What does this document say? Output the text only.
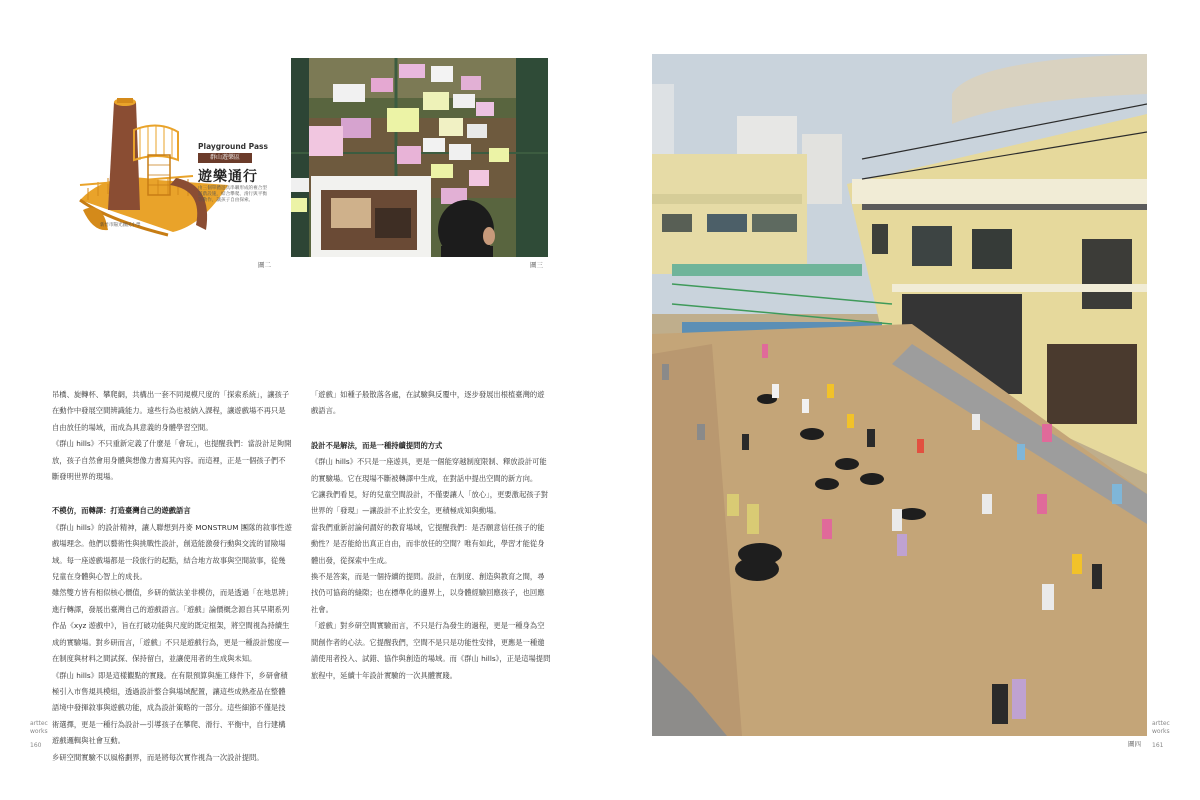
Playground Pass
群山遊樂區
遊樂通行
由三個單體遊具串聯形成的複合型遊戲設施，結合攀爬、滑行與平衡等動作，讓孩子自由探索。
新竹市陽光國民小學
圖二	圖三

吊橋、旋轉杯、攀爬網，共構出一套不同規模尺度的「探索系統」，讓孩子在動作中發展空間辨識能力。遠些行為也被納入課程，讓遊戲場不再只是自由放任的場域，而成為具意義的身體學習空間。

《群山 hills》不只重新定義了什麼是「會玩」，也提醒我們：當設計足夠開放，孩子自然會用身體與想像力書寫其內容。而這裡，正是一個孩子們不斷發明世界的現場。

不模仿，而轉譯：打造臺灣自己的遊戲語言

《群山 hills》的設計精神，讓人聯想到丹麥 MONSTRUM 團隊的敘事性遊戲場理念。他們以藝術性與挑戰性設計，創造能激發行動與交流的冒險場域。每一座遊戲場都是一段旅行的起點，結合地方故事與空間敘事，從幾兒童在身體與心智上的成長。

雖然雙方皆有相似核心價值，乡研的做法並非模仿，而是透過「在地思辨」進行轉譯，發展出臺灣自己的遊戲語言。「遊戲」論價概念源自其早期系列作品《xyz 遊戲中》，旨在打破功能與尺度的既定框架，將空間視為持續生成的實驗場。對乡研而言，「遊戲」不只是遊戲行為，更是一種設計態度—在制度與材料之間試探、保持留白，並讓使用者的生成與未知。

《群山 hills》即是這樣觀點的實踐。在有限預算與施工條件下，乡研會積極引入市售規具模組，透過設計整合與場域配置，讓這些成熟產品在整體語境中發揮敘事與遊戲功能，成為設計策略的一部分。這些細節不僅是技術選擇，更是一種行為設計—引導孩子在攀爬、滑行、平衡中，自行建構遊戲邏輯與社會互動。

乡研空間實驗不以風格劃界，而是將每次實作視為一次設計提問。

「遊戲」如種子般散落各處，在試驗與反覆中，逐步發展出根植臺灣的遊戲語言。

設計不是解法，而是一種持續提問的方式

《群山 hills》不只是一座遊具，更是一個能穿越制度限制、釋放設計可能的實驗場。它在現場不斷被轉譯中生成，在對話中提出空間的新方向。

它讓我們看見，好的兒童空間設計，不僅要讓人「放心」，更要激起孩子對世界的「發現」—讓設計不止於安全，更積極成知與動場。

當我們重新討論何謂好的教育場域，它提醒我們：是否願意信任孩子的能動性？是否能給出真正自由，而非放任的空間？唯有如此，學習才能從身體出發，從探索中生成。

換不是答案，而是一個持續的提問。設計，在制度、創造與教育之間，尋找仍可協商的縫隙；也在標準化的邊界上，以身體經驗回應孩子，也回應社會。

「遊戲」對乡研空間實驗而言，不只是行為發生的過程，更是一種身為空間創作者的心法。它提醒我們，空間不是只是功能性安排，更應是一種邀請使用者投入、試錯、協作與創造的場域。而《群山 hills》，正是這場提問旅程中，延續十年設計實驗的一次具體實踐。

arttec
works
160	圖四
arttec
works
161
